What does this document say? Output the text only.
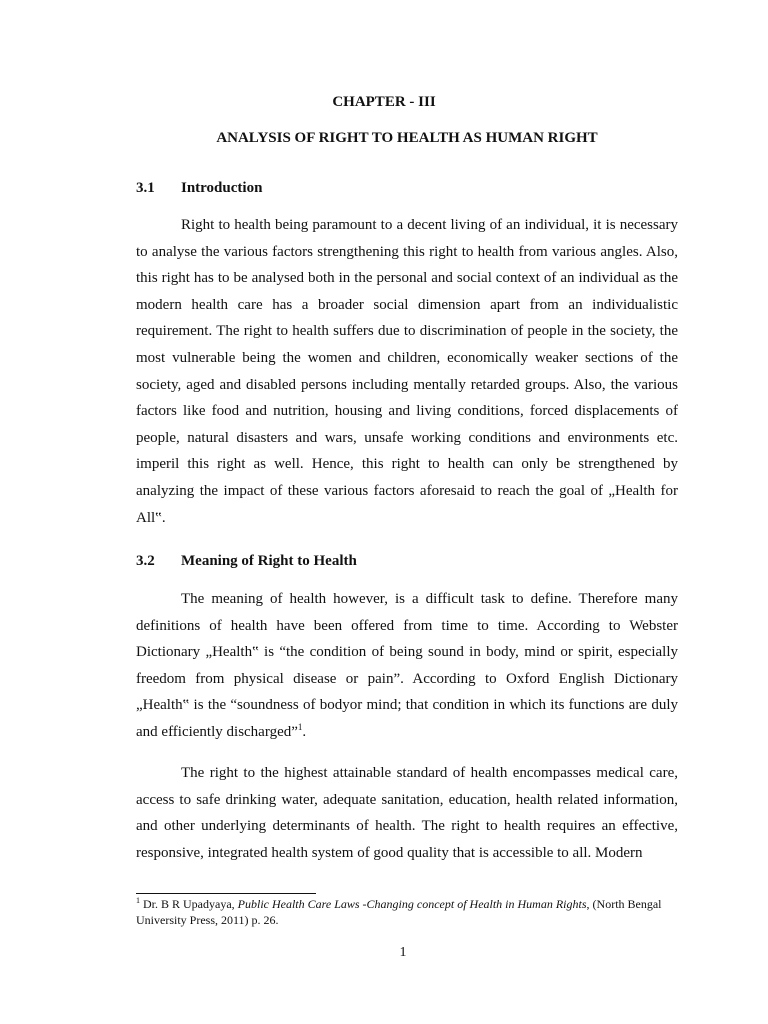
CHAPTER - III

ANALYSIS OF RIGHT TO HEALTH AS HUMAN RIGHT

3.1 Introduction

Right to health being paramount to a decent living of an individual, it is necessary to analyse the various factors strengthening this right to health from various angles. Also, this right has to be analysed both in the personal and social context of an individual as the modern health care has a broader social dimension apart from an individualistic requirement. The right to health suffers due to discrimination of people in the society, the most vulnerable being the women and children, economically weaker sections of the society, aged and disabled persons including mentally retarded groups. Also, the various factors like food and nutrition, housing and living conditions, forced displacements of people, natural disasters and wars, unsafe working conditions and environments etc. imperil this right as well. Hence, this right to health can only be strengthened by analyzing the impact of these various factors aforesaid to reach the goal of „Health for All‟.

3.2 Meaning of Right to Health

The meaning of health however, is a difficult task to define. Therefore many definitions of health have been offered from time to time. According to Webster Dictionary „Health‟ is “the condition of being sound in body, mind or spirit, especially freedom from physical disease or pain”. According to Oxford English Dictionary „Health‟ is the “soundness of bodyor mind; that condition in which its functions are duly and efficiently discharged”$^1$.

The right to the highest attainable standard of health encompasses medical care, access to safe drinking water, adequate sanitation, education, health related information, and other underlying determinants of health. The right to health requires an effective, responsive, integrated health system of good quality that is accessible to all. Modern

$^1$ Dr. B R Upadyaya, Public Health Care Laws -Changing concept of Health in Human Rights, (North Bengal University Press, 2011) p. 26.

1
